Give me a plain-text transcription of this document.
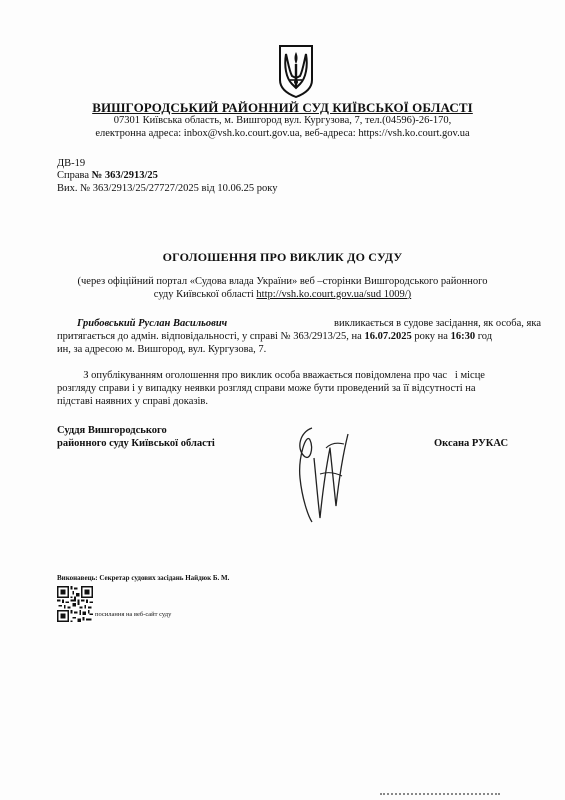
ВИШГОРОДСЬКИЙ РАЙОННИЙ СУД КИЇВСЬКОЇ ОБЛАСТІ
07301 Київська область, м. Вишгород вул. Кургузова, 7, тел.(04596)-26-170,
електронна адреса: inbox@vsh.ko.court.gov.ua, веб-адреса: https://vsh.ko.court.gov.ua
ДВ-19
Справа № 363/2913/25
Вих. № 363/2913/25/27727/2025 від 10.06.25 року
ОГОЛОШЕННЯ ПРО ВИКЛИК ДО СУДУ
(через офіційний портал «Судова влада України» веб –сторінки Вишгородського районного
суду Київської області http://vsh.ko.court.gov.ua/sud 1009/)
Грибовський Руслан Васильович	викликається в судове засідання, як особа, яка
притягається до адмін. відповідальності, у справі № 363/2913/25, на 16.07.2025 року на 16:30 год
ин, за адресою м. Вишгород, вул. Кургузова, 7.
З опублікуванням оголошення про виклик особа вважається повідомлена про час   і місце
розгляду справи і у випадку неявки розгляд справи може бути проведений за її відсутності на
підставі наявних у справі доказів.
Суддя Вишгородського
районного суду Київської області	Оксана РУКАС
Виконавець: Секретар судових засідань Найдюк Б. М.
посилання на веб-сайт суду
